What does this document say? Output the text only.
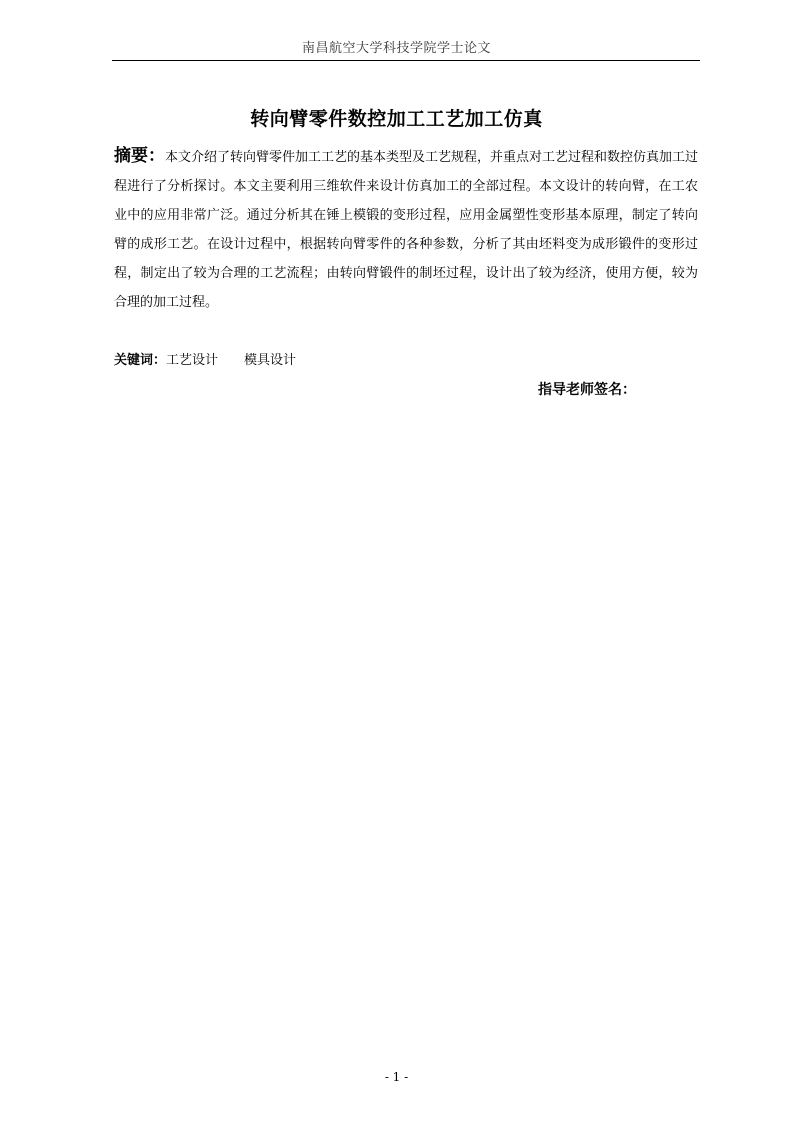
南昌航空大学科技学院学士论文
转向臂零件数控加工工艺加工仿真

摘要：本文介绍了转向臂零件加工工艺的基本类型及工艺规程，并重点对工艺过程和数控仿真加工过程进行了分析探讨。本文主要利用三维软件来设计仿真加工的全部过程。本文设计的转向臂，在工农业中的应用非常广泛。通过分析其在锤上模锻的变形过程，应用金属塑性变形基本原理，制定了转向臂的成形工艺。在设计过程中，根据转向臂零件的各种参数，分析了其由坯料变为成形锻件的变形过程，制定出了较为合理的工艺流程；由转向臂锻件的制坯过程，设计出了较为经济，使用方便，较为合理的加工过程。

关键词：工艺设计 模具设计
指导老师签名：
- 1 -
